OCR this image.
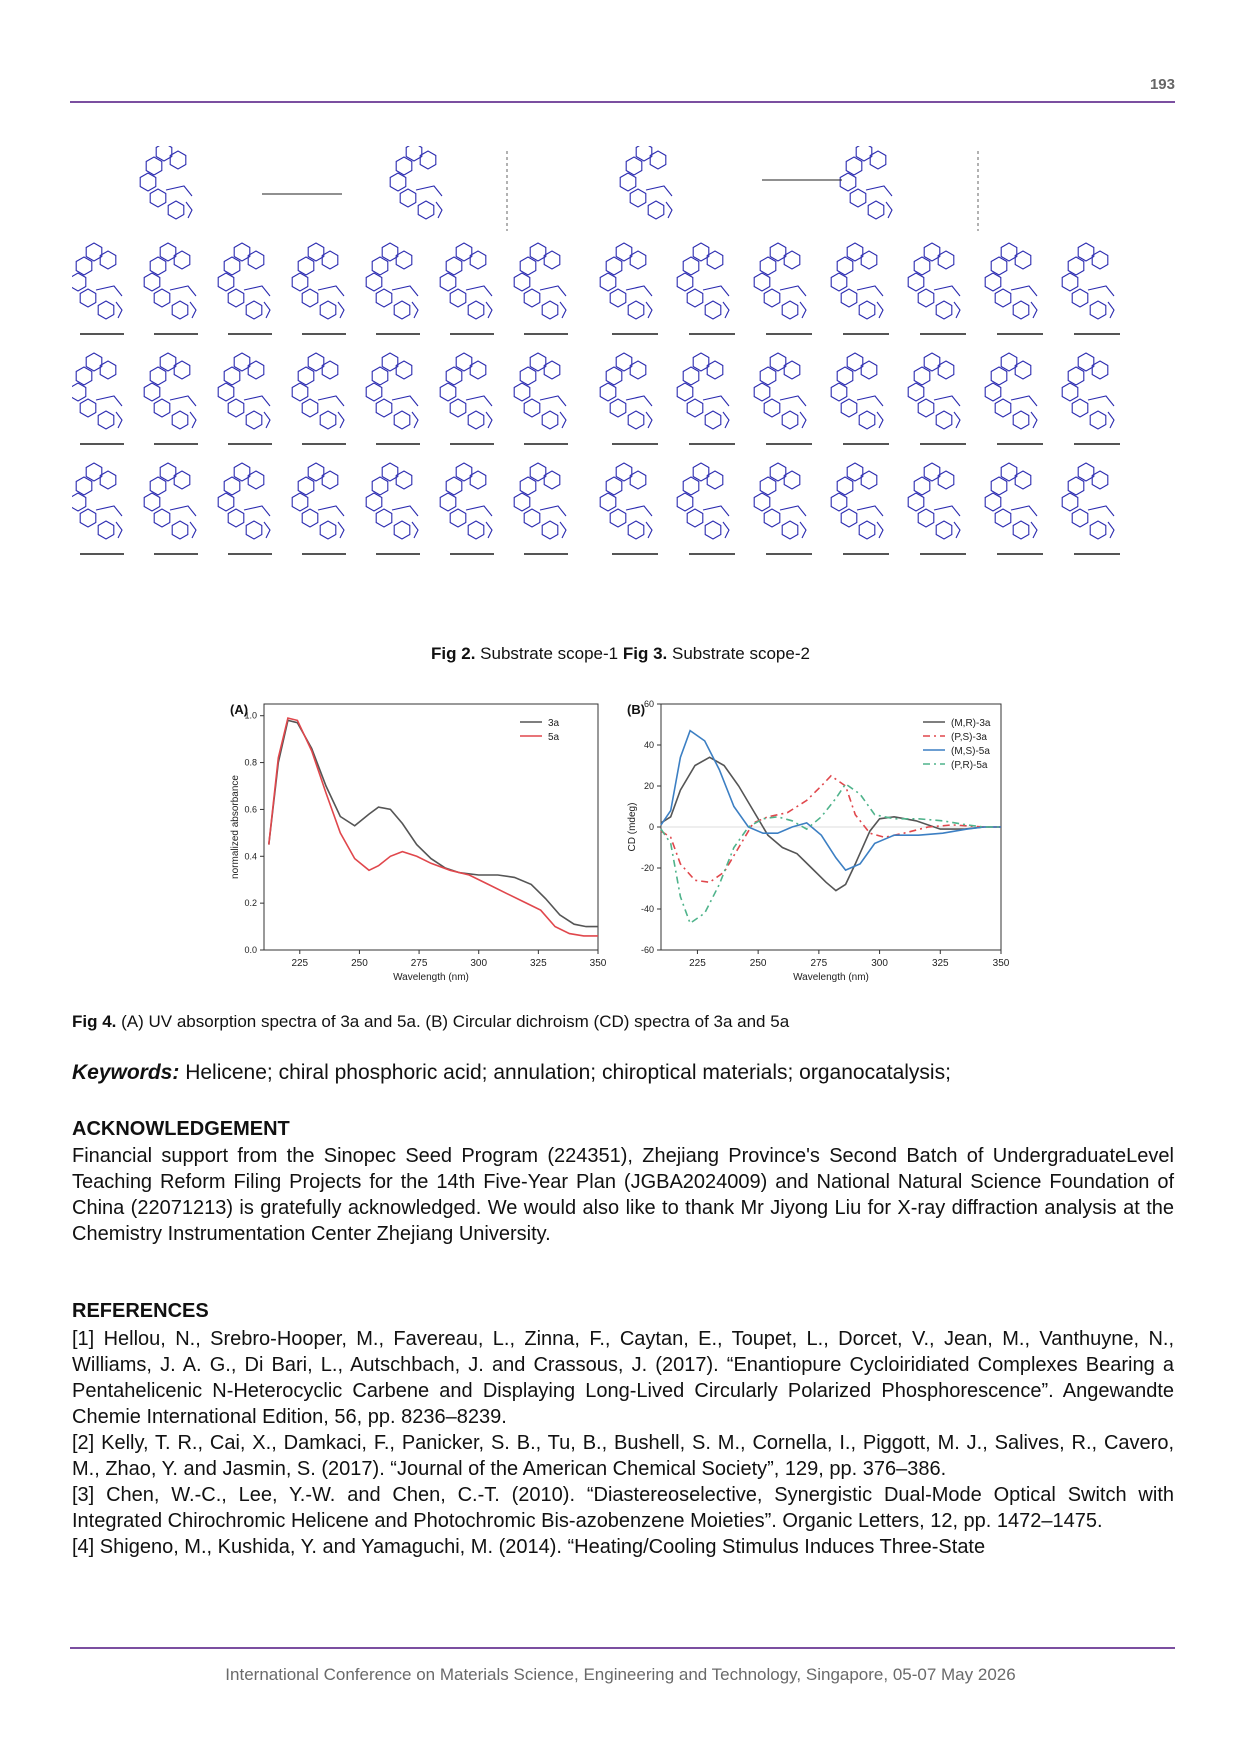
193
Fig 2. Substrate scope-1 Fig 3. Substrate scope-2
(A)
225	250	275	300	325	350
0.0
0.2
0.4
0.6
0.8
1.0
Wavelength (nm)
normalized absorbance
3a
5a
(B)
225	250	275	300	325	350
-60
-40
-20
0
20
40
60
Wavelength (nm)
CD (mdeg)
(M,R)-3a
(P,S)-3a
(M,S)-5a
(P,R)-5a
Fig 4. (A) UV absorption spectra of 3a and 5a. (B) Circular dichroism (CD) spectra of 3a and 5a
Keywords: Helicene; chiral phosphoric acid; annulation; chiroptical materials; organocatalysis;
ACKNOWLEDGEMENT
Financial support from the Sinopec Seed Program (224351), Zhejiang Province's Second Batch of UndergraduateLevel Teaching Reform Filing Projects for the 14th Five-Year Plan (JGBA2024009) and National Natural Science Foundation of China (22071213) is gratefully acknowledged. We would also like to thank Mr Jiyong Liu for X-ray diffraction analysis at the Chemistry Instrumentation Center Zhejiang University.
REFERENCES

[1] Hellou, N., Srebro-Hooper, M., Favereau, L., Zinna, F., Caytan, E., Toupet, L., Dorcet, V., Jean, M., Vanthuyne, N., Williams, J. A. G., Di Bari, L., Autschbach, J. and Crassous, J. (2017). “Enantiopure Cycloiridiated Complexes Bearing a Pentahelicenic N-Heterocyclic Carbene and Displaying Long-Lived Circularly Polarized Phosphorescence”. Angewandte Chemie International Edition, 56, pp. 8236–8239.

[2] Kelly, T. R., Cai, X., Damkaci, F., Panicker, S. B., Tu, B., Bushell, S. M., Cornella, I., Piggott, M. J., Salives, R., Cavero, M., Zhao, Y. and Jasmin, S. (2017). “Journal of the American Chemical Society”, 129, pp. 376–386.

[3] Chen, W.-C., Lee, Y.-W. and Chen, C.-T. (2010). “Diastereoselective, Synergistic Dual-Mode Optical Switch with Integrated Chirochromic Helicene and Photochromic Bis-azobenzene Moieties”. Organic Letters, 12, pp. 1472–1475.

[4] Shigeno, M., Kushida, Y. and Yamaguchi, M. (2014). “Heating/Cooling Stimulus Induces Three-State

International Conference on Materials Science, Engineering and Technology, Singapore, 05-07 May 2026
